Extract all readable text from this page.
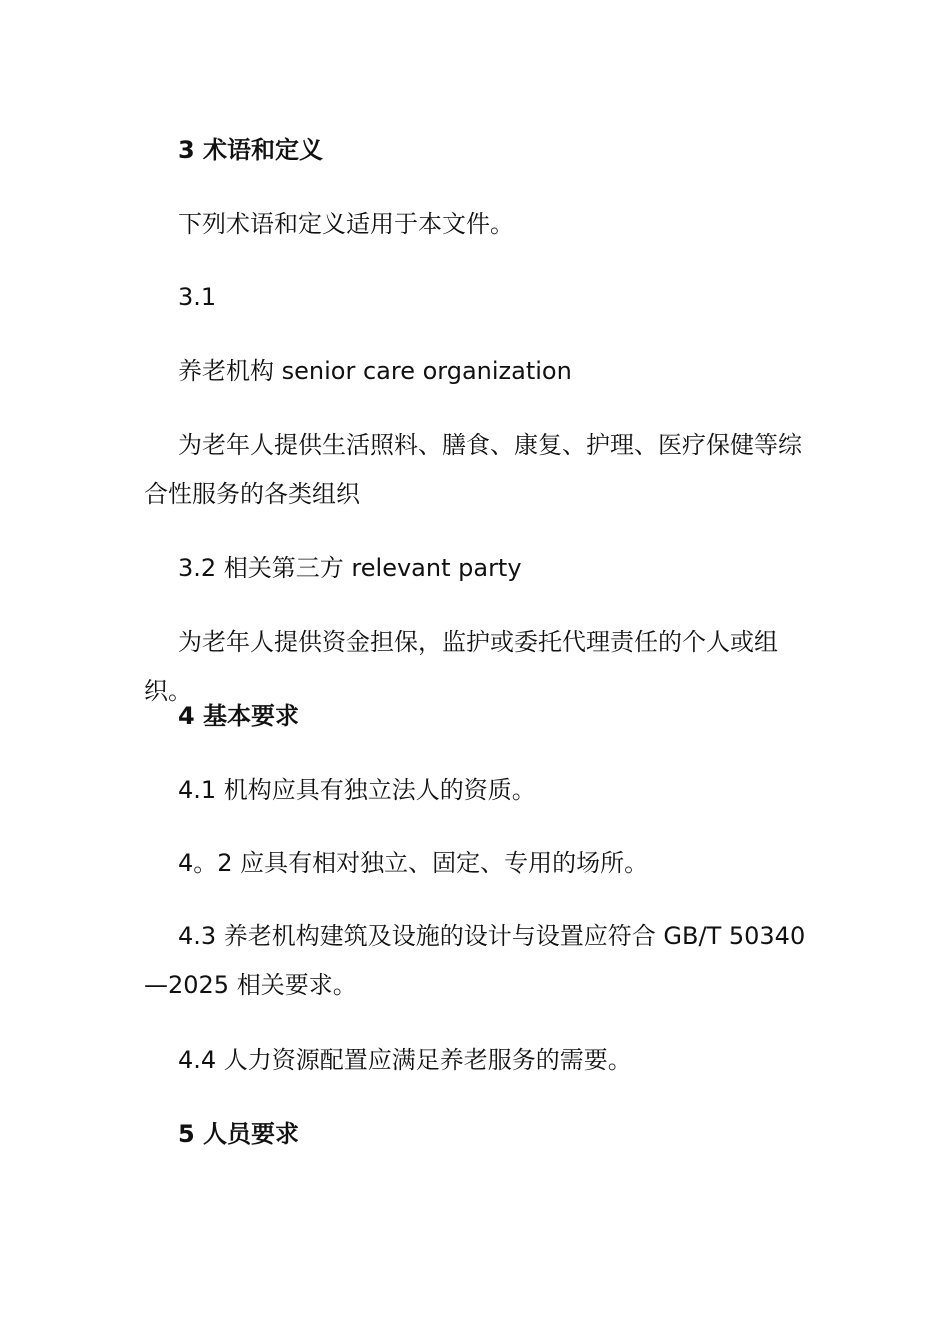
3 术语和定义
下列术语和定义适用于本文件。
3.1
养老机构 senior care organization
为老年人提供生活照料、膳食、康复、护理、医疗保健等综合性服务的各类组织
3.2 相关第三方 relevant party
为老年人提供资金担保，监护或委托代理责任的个人或组织。
4 基本要求
4.1 机构应具有独立法人的资质。
4。2 应具有相对独立、固定、专用的场所。
4.3 养老机构建筑及设施的设计与设置应符合 GB/T 50340—2025 相关要求。
4.4 人力资源配置应满足养老服务的需要。
5 人员要求
